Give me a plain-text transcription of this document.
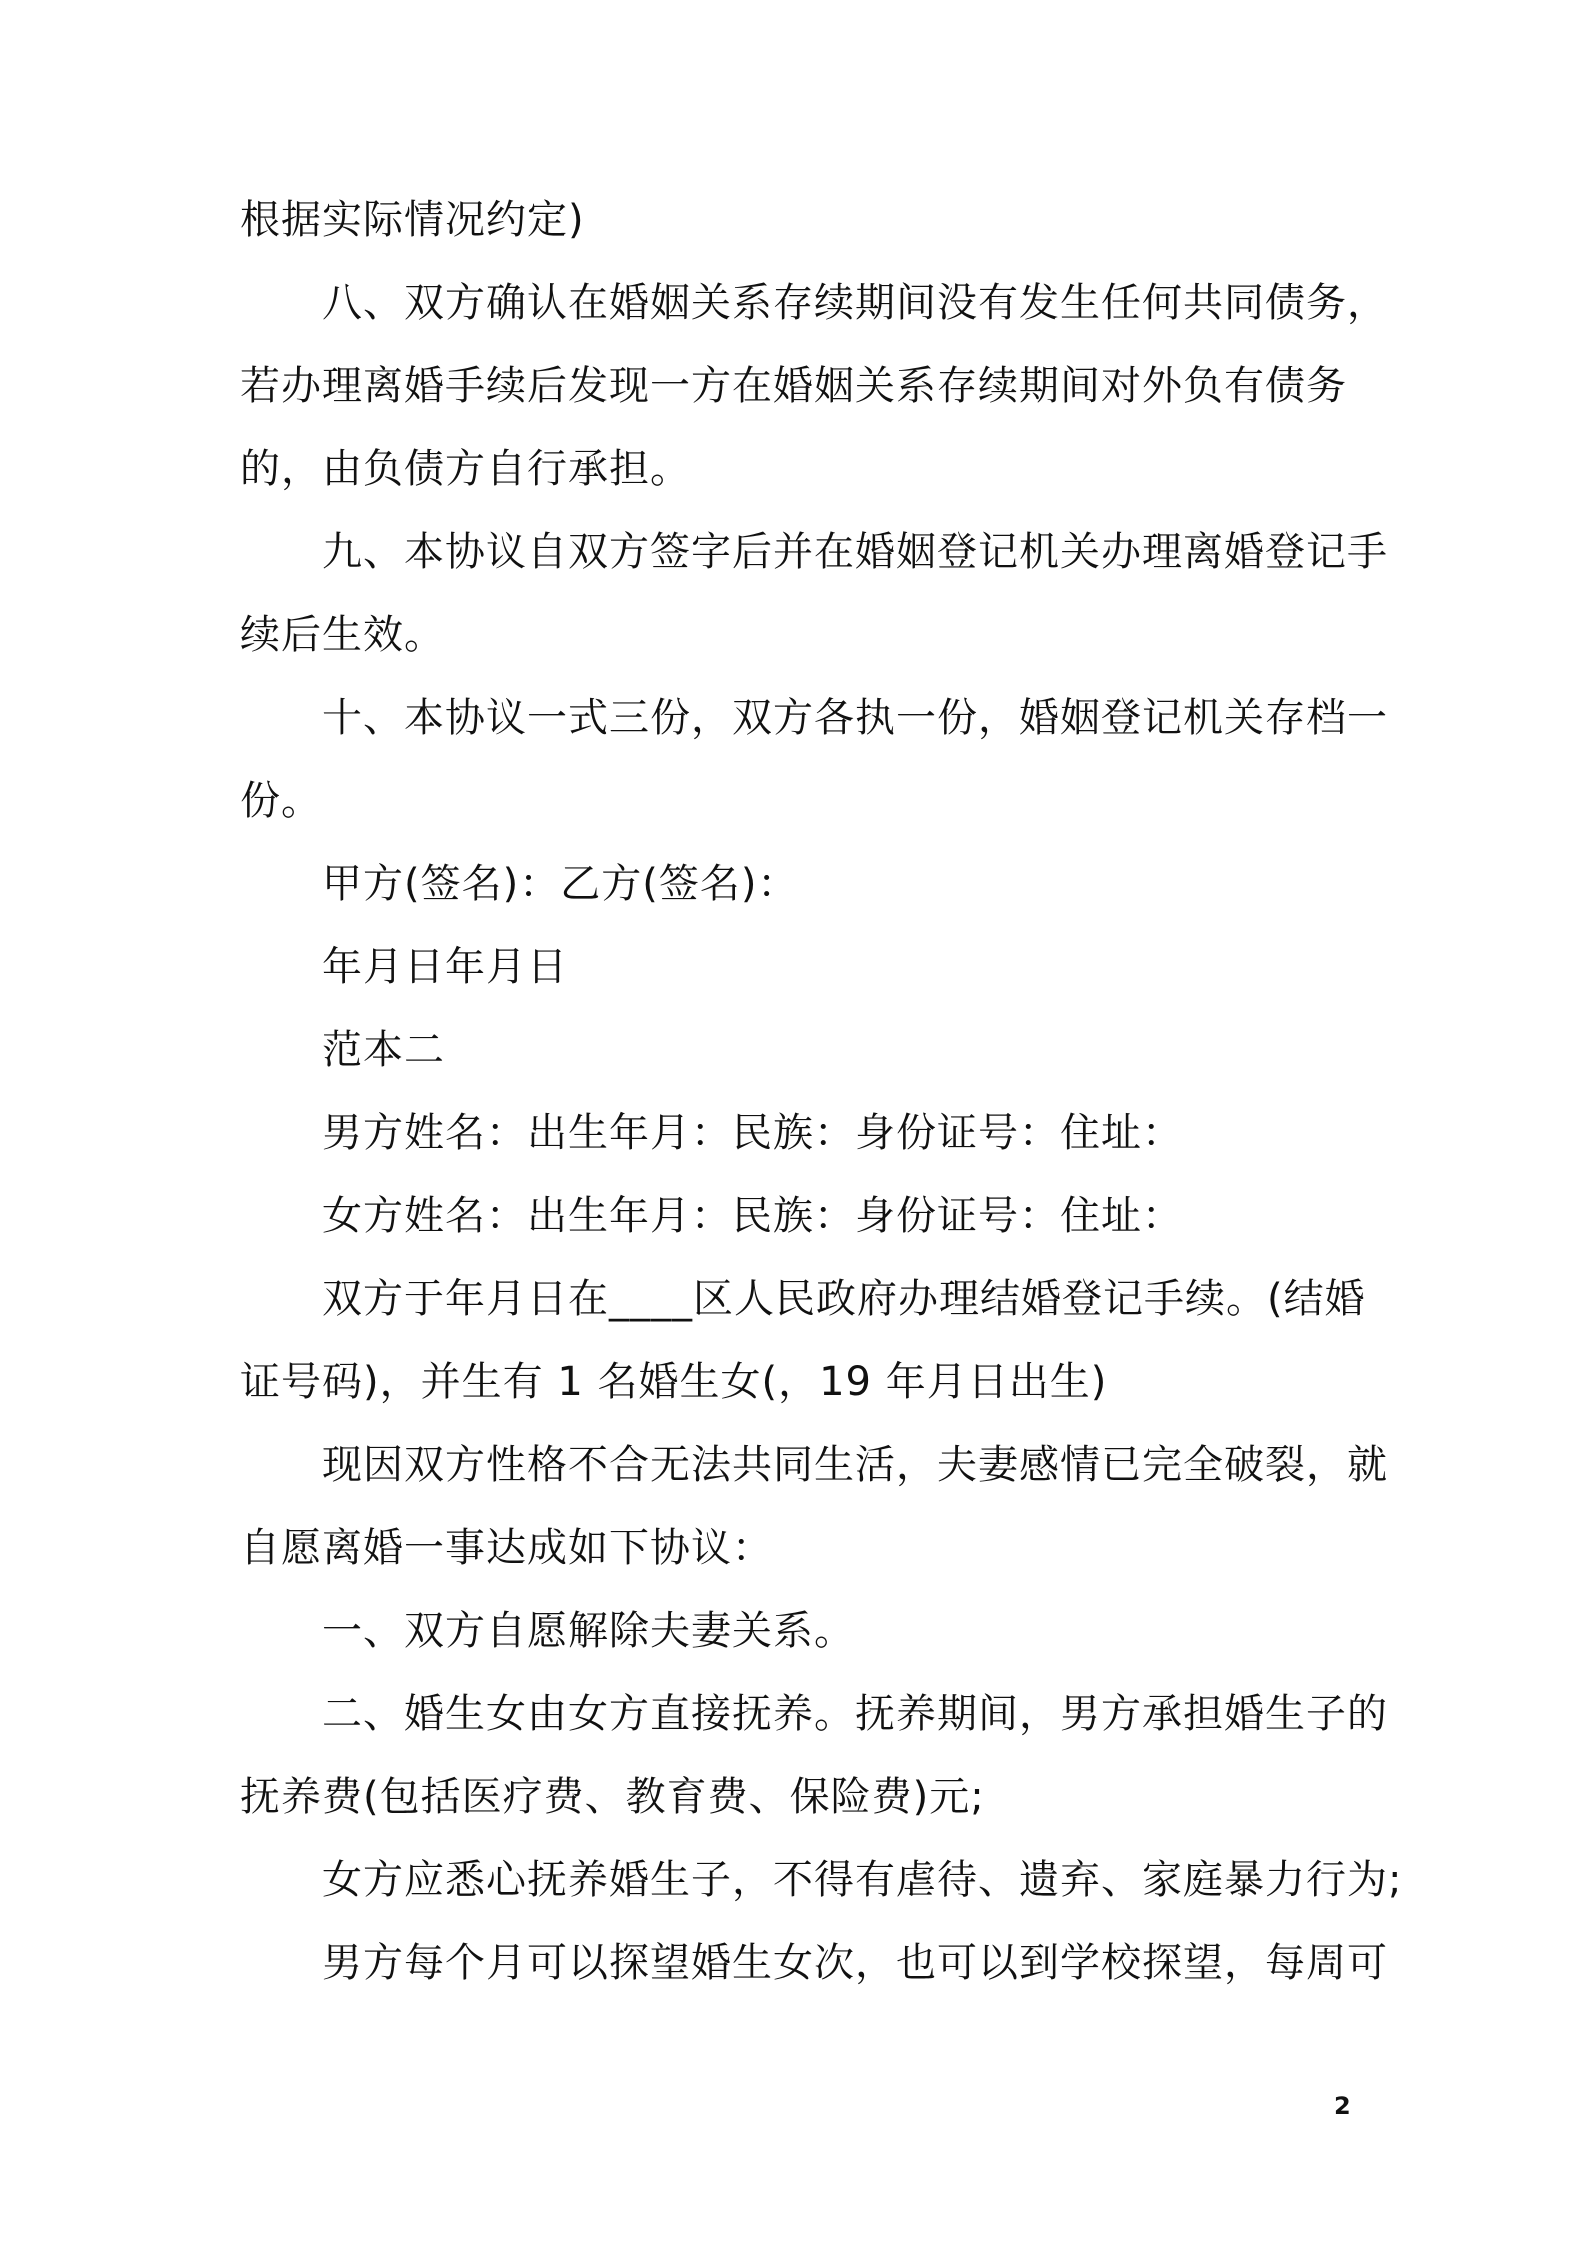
根据实际情况约定)
八、双方确认在婚姻关系存续期间没有发生任何共同债务，
若办理离婚手续后发现一方在婚姻关系存续期间对外负有债务
的，由负债方自行承担。
九、本协议自双方签字后并在婚姻登记机关办理离婚登记手
续后生效。
十、本协议一式三份，双方各执一份，婚姻登记机关存档一
份。
甲方(签名)：乙方(签名)：
年月日年月日
范本二
男方姓名：出生年月：民族：身份证号：住址：
女方姓名：出生年月：民族：身份证号：住址：
双方于年月日在____区人民政府办理结婚登记手续。(结婚
证号码)，并生有 1 名婚生女(，19 年月日出生)
现因双方性格不合无法共同生活，夫妻感情已完全破裂，就
自愿离婚一事达成如下协议：
一、双方自愿解除夫妻关系。
二、婚生女由女方直接抚养。抚养期间，男方承担婚生子的
抚养费(包括医疗费、教育费、保险费)元;
女方应悉心抚养婚生子，不得有虐待、遗弃、家庭暴力行为;
男方每个月可以探望婚生女次，也可以到学校探望，每周可
2
